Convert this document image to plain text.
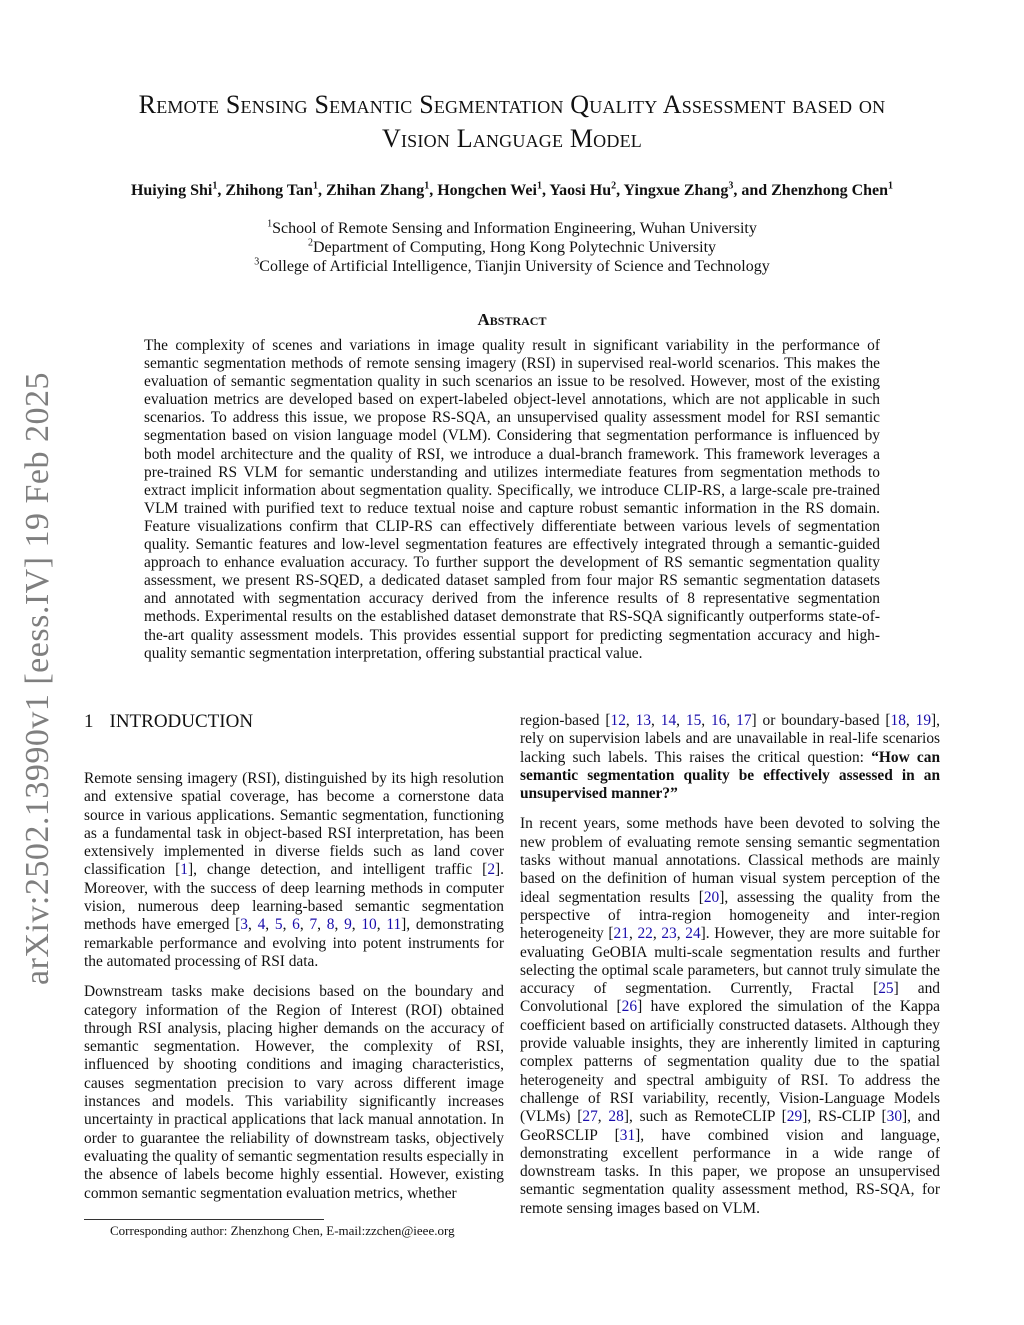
arXiv:2502.13990v1 [eess.IV] 19 Feb 2025
Remote Sensing Semantic Segmentation Quality Assessment based on
Vision Language Model
Huiying Shi$^1$, Zhihong Tan$^1$, Zhihan Zhang$^1$, Hongchen Wei$^1$, Yaosi Hu$^2$, Yingxue Zhang$^3$, and Zhenzhong Chen$^1$
$^1$School of Remote Sensing and Information Engineering, Wuhan University
$^2$Department of Computing, Hong Kong Polytechnic University
$^3$College of Artificial Intelligence, Tianjin University of Science and Technology
Abstract
The complexity of scenes and variations in image quality result in significant variability in the performance of semantic segmentation methods of remote sensing imagery (RSI) in supervised real-world scenarios. This makes the evaluation of semantic segmentation quality in such scenarios an issue to be resolved. However, most of the existing evaluation metrics are developed based on expert-labeled object-level annotations, which are not applicable in such scenarios. To address this issue, we propose RS-SQA, an unsupervised quality assessment model for RSI semantic segmentation based on vision language model (VLM). Considering that segmentation performance is influenced by both model architecture and the quality of RSI, we introduce a dual-branch framework. This framework leverages a pre-trained RS VLM for semantic understanding and utilizes intermediate features from segmentation methods to extract implicit information about segmentation quality. Specifically, we introduce CLIP-RS, a large-scale pre-trained VLM trained with purified text to reduce textual noise and capture robust semantic information in the RS domain. Feature visualizations confirm that CLIP-RS can effectively differentiate between various levels of segmentation quality. Semantic features and low-level segmentation features are effectively integrated through a semantic-guided approach to enhance evaluation accuracy. To further support the development of RS semantic segmentation quality assessment, we present RS-SQED, a dedicated dataset sampled from four major RS semantic segmentation datasets and annotated with segmentation accuracy derived from the inference results of 8 representative segmentation methods. Experimental results on the established dataset demonstrate that RS-SQA significantly outperforms state-of-the-art quality assessment models. This provides essential support for predicting segmentation accuracy and high-quality semantic segmentation interpretation, offering substantial practical value.
1 INTRODUCTION

Remote sensing imagery (RSI), distinguished by its high resolution and extensive spatial coverage, has become a cornerstone data source in various applications. Semantic segmentation, functioning as a fundamental task in object-based RSI interpretation, has been extensively implemented in diverse fields such as land cover classification [1], change detection, and intelligent traffic [2]. Moreover, with the success of deep learning methods in computer vision, numerous deep learning-based semantic segmentation methods have emerged [3, 4, 5, 6, 7, 8, 9, 10, 11], demonstrating remarkable performance and evolving into potent instruments for the automated processing of RSI data.

Downstream tasks make decisions based on the boundary and category information of the Region of Interest (ROI) obtained through RSI analysis, placing higher demands on the accuracy of semantic segmentation. However, the complexity of RSI, influenced by shooting conditions and imaging characteristics, causes segmentation precision to vary across different image instances and models. This variability significantly increases uncertainty in practical applications that lack manual annotation. In order to guarantee the reliability of downstream tasks, objectively evaluating the quality of semantic segmentation results especially in the absence of labels become highly essential. However, existing common semantic segmentation evaluation metrics, whether

region-based [12, 13, 14, 15, 16, 17] or boundary-based [18, 19], rely on supervision labels and are unavailable in real-life scenarios lacking such labels. This raises the critical question: “How can semantic segmentation quality be effectively assessed in an unsupervised manner?”

In recent years, some methods have been devoted to solving the new problem of evaluating remote sensing semantic segmentation tasks without manual annotations. Classical methods are mainly based on the definition of human visual system perception of the ideal segmentation results [20], assessing the quality from the perspective of intra-region homogeneity and inter-region heterogeneity [21, 22, 23, 24]. However, they are more suitable for evaluating GeOBIA multi-scale segmentation results and further selecting the optimal scale parameters, but cannot truly simulate the accuracy of segmentation. Currently, Fractal [25] and Convolutional [26] have explored the simulation of the Kappa coefficient based on artificially constructed datasets. Although they provide valuable insights, they are inherently limited in capturing complex patterns of segmentation quality due to the spatial heterogeneity and spectral ambiguity of RSI. To address the challenge of RSI variability, recently, Vision-Language Models (VLMs) [27, 28], such as RemoteCLIP [29], RS-CLIP [30], and GeoRSCLIP [31], have combined vision and language, demonstrating excellent performance in a wide range of downstream tasks. In this paper, we propose an unsupervised semantic segmentation quality assessment method, RS-SQA, for remote sensing images based on VLM.

Corresponding author: Zhenzhong Chen, E-mail:zzchen@ieee.org
